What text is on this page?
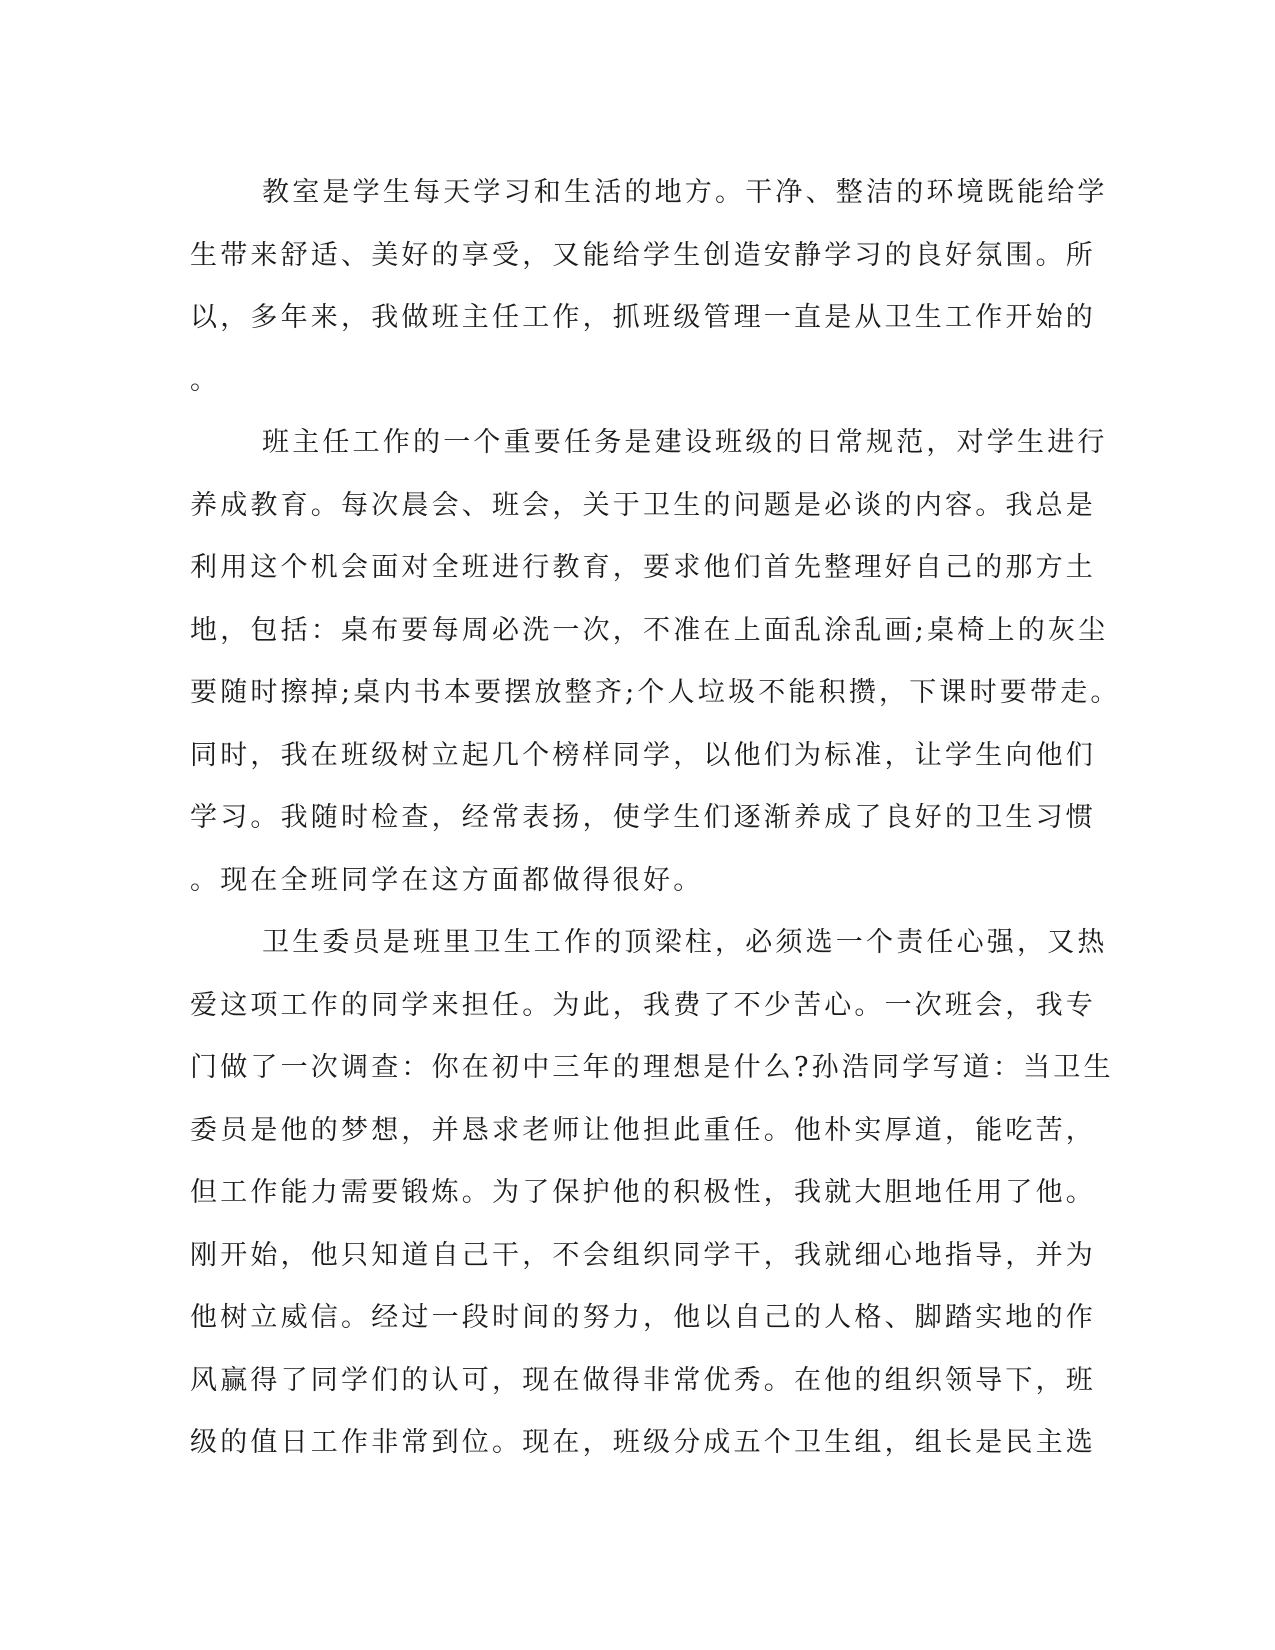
教室是学生每天学习和生活的地方。干净、整洁的环境既能给学
生带来舒适、美好的享受，又能给学生创造安静学习的良好氛围。所
以，多年来，我做班主任工作，抓班级管理一直是从卫生工作开始的
。
班主任工作的一个重要任务是建设班级的日常规范，对学生进行
养成教育。每次晨会、班会，关于卫生的问题是必谈的内容。我总是
利用这个机会面对全班进行教育，要求他们首先整理好自己的那方土
地，包括：桌布要每周必洗一次，不准在上面乱涂乱画;桌椅上的灰尘
要随时擦掉;桌内书本要摆放整齐;个人垃圾不能积攒，下课时要带走。
同时，我在班级树立起几个榜样同学，以他们为标准，让学生向他们
学习。我随时检查，经常表扬，使学生们逐渐养成了良好的卫生习惯
。现在全班同学在这方面都做得很好。
卫生委员是班里卫生工作的顶梁柱，必须选一个责任心强，又热
爱这项工作的同学来担任。为此，我费了不少苦心。一次班会，我专
门做了一次调查：你在初中三年的理想是什么?孙浩同学写道：当卫生
委员是他的梦想，并恳求老师让他担此重任。他朴实厚道，能吃苦，
但工作能力需要锻炼。为了保护他的积极性，我就大胆地任用了他。
刚开始，他只知道自己干，不会组织同学干，我就细心地指导，并为
他树立威信。经过一段时间的努力，他以自己的人格、脚踏实地的作
风赢得了同学们的认可，现在做得非常优秀。在他的组织领导下，班
级的值日工作非常到位。现在，班级分成五个卫生组，组长是民主选
